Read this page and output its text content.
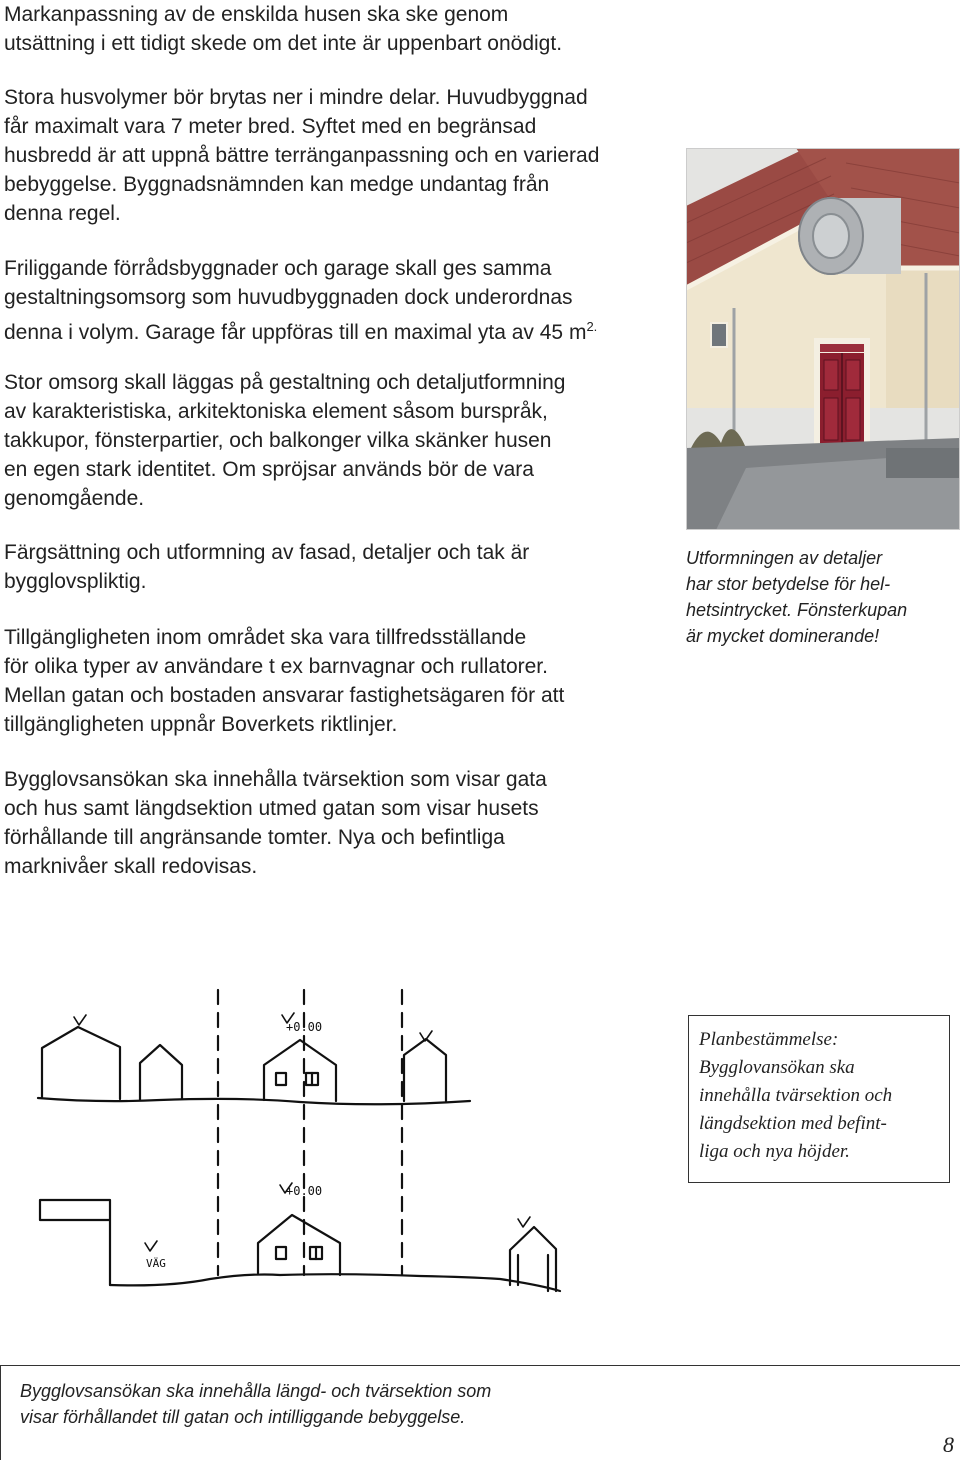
Markanpassning av de enskilda husen ska ske genom
utsättning i ett tidigt skede om det inte är uppenbart onödigt.

Stora husvolymer bör brytas ner i mindre delar. Huvudbyggnad
får maximalt vara 7 meter bred. Syftet med en begränsad
husbredd är att uppnå bättre terränganpassning och en varierad
bebyggelse. Byggnadsnämnden kan medge undantag från
denna regel.

Friliggande förrådsbyggnader och garage skall ges samma
gestaltningsomsorg som huvudbyggnaden dock underordnas
denna i volym. Garage får uppföras till en maximal yta av 45 $m^{2.}$

Stor omsorg skall läggas på gestaltning och detaljutformning
av karakteristiska, arkitektoniska element såsom burspråk,
takkupor, fönsterpartier, och balkonger vilka skänker husen
en egen stark identitet. Om spröjsar används bör de vara
genomgående.

Färgsättning och utformning av fasad, detaljer och tak är
bygglovspliktig.

Tillgängligheten inom området ska vara tillfredsställande
för olika typer av användare t ex barnvagnar och rullatorer.
Mellan gatan och bostaden ansvarar fastighetsägaren för att
tillgängligheten uppnår Boverkets riktlinjer.

Bygglovsansökan ska innehålla tvärsektion som visar gata
och hus samt längdsektion utmed gatan som visar husets
förhållande till angränsande tomter. Nya och befintliga
marknivåer skall redovisas.

Utformningen av detaljer
har stor betydelse för hel-
hetsintrycket. Fönsterkupan
är mycket dominerande!
+0.00
VÄG
+0.00
Planbestämmelse:
Bygglovansökan ska
innehålla tvärsektion och
längdsektion med befint-
liga och nya höjder.
Bygglovsansökan ska innehålla längd- och tvärsektion som
visar förhållandet till gatan och intilliggande bebyggelse.
8
